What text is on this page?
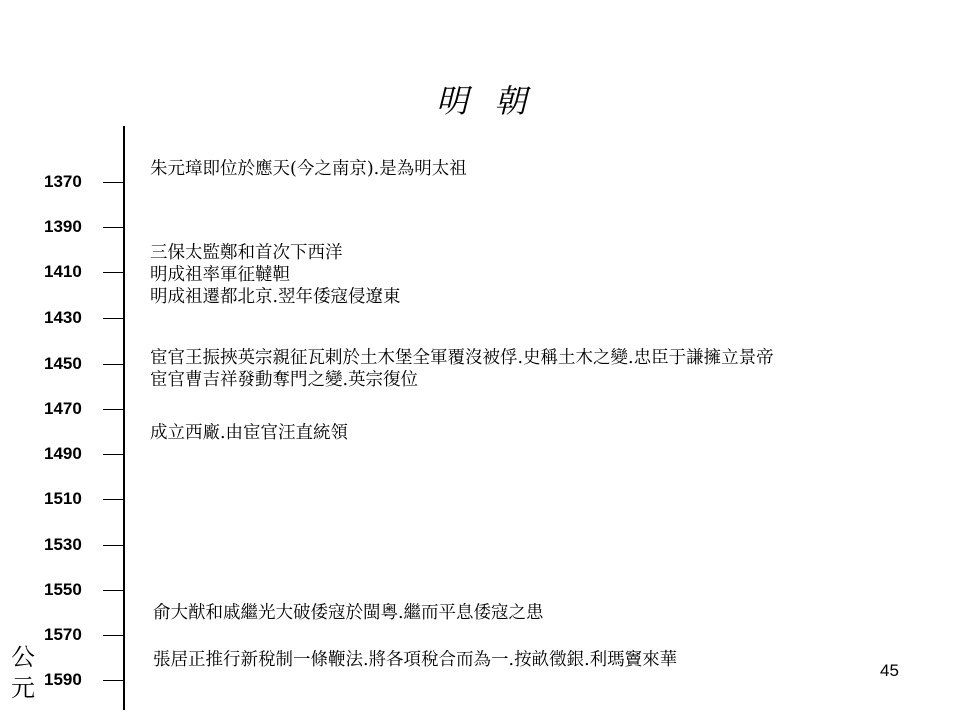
明  朝
1370
1390
1410
1430
1450
1470
1490
1510
1530
1550
1570
1590
朱元璋即位於應天(今之南京).是為明太祖
三保太監鄭和首次下西洋
明成祖率軍征韃靼
明成祖遷都北京.翌年倭寇侵遼東
宦官王振挾英宗親征瓦剌於土木堡全軍覆沒被俘.史稱土木之變.忠臣于謙擁立景帝
宦官曹吉祥發動奪門之變.英宗復位
成立西廠.由宦官汪直統領
俞大猷和戚繼光大破倭寇於閩粵.繼而平息倭寇之患
張居正推行新稅制一條鞭法.將各項稅合而為一.按畝徵銀.利瑪竇來華
公
元
45
